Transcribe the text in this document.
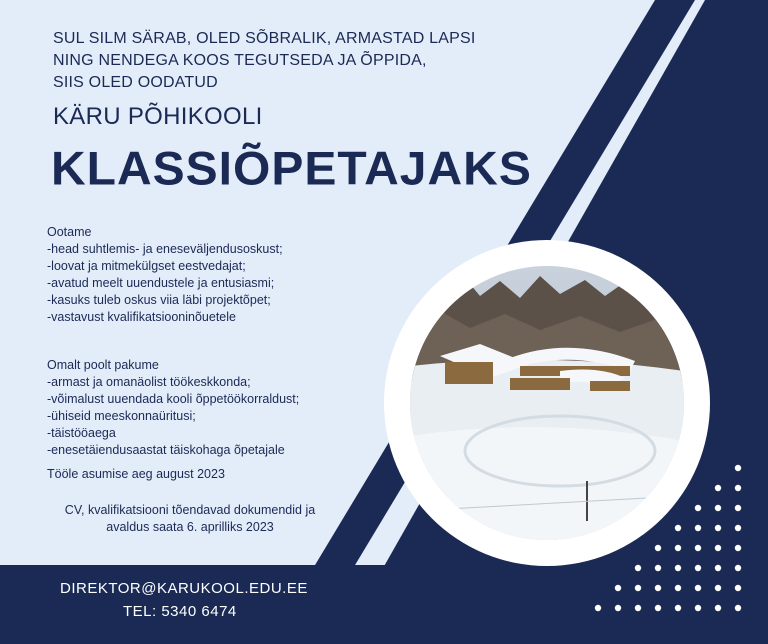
SUL SILM SÄRAB, OLED SÕBRALIK, ARMASTAD LAPSI
NING NENDEGA KOOS TEGUTSEDA JA ÕPPIDA,
SIIS OLED OODATUD
KÄRU PÕHIKOOLI
KLASSIÕPETAJAKS
Ootame
-head suhtlemis- ja eneseväljendusoskust;
-loovat ja mitmekülgset eestvedajat;
-avatud meelt uuendustele ja entusiasmi;
-kasuks tuleb oskus viia läbi projektõpet;
-vastavust kvalifikatsiooninõuetele
Omalt poolt pakume
-armast ja omanäolist töökeskkonda;
-võimalust uuendada kooli õppetöökorraldust;
-ühiseid meeskonnaüritusi;
-täistööaega
-enesetäiendusaastat täiskohaga õpetajale
Tööle asumise aeg august 2023
CV, kvalifikatsiooni tõendavad dokumendid ja
avaldus saata 6. aprilliks 2023
DIREKTOR@KARUKOOL.EDU.EE
TEL: 5340 6474
